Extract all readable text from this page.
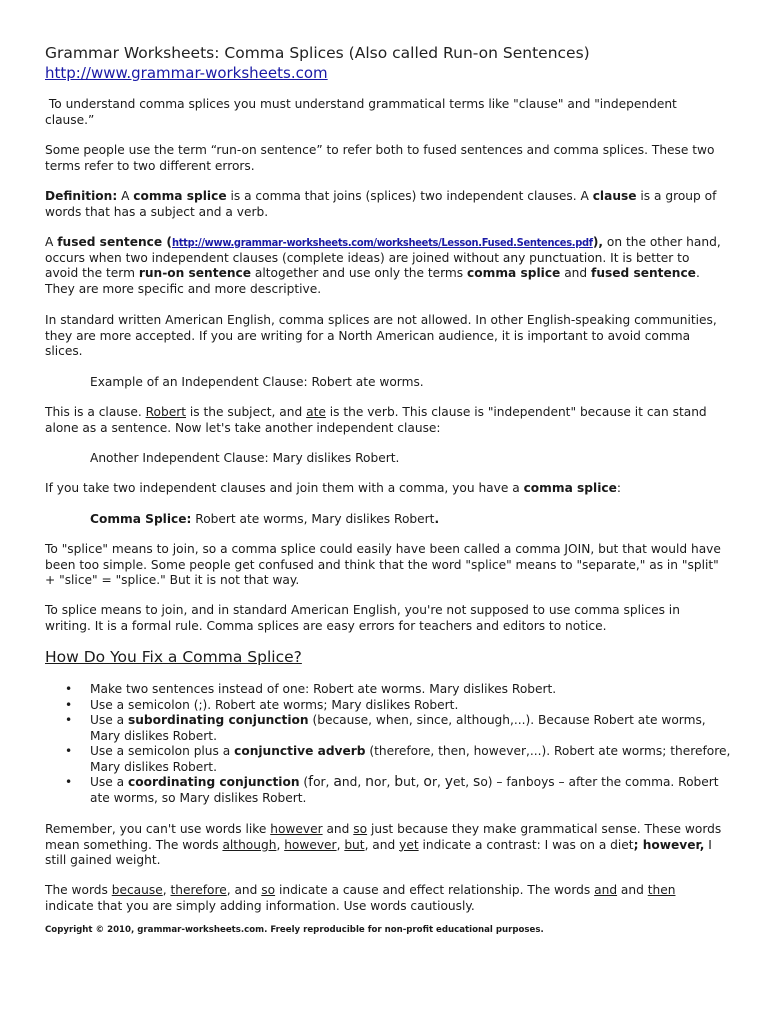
Grammar Worksheets: Comma Splices (Also called Run-on Sentences)
http://www.grammar-worksheets.com

To understand comma splices you must understand grammatical terms like "clause" and "independent clause.”

Some people use the term “run-on sentence” to refer both to fused sentences and comma splices. These two terms refer to two different errors.

Definition: A comma splice is a comma that joins (splices) two independent clauses. A clause is a group of words that has a subject and a verb.

A fused sentence (http://www.grammar-worksheets.com/worksheets/Lesson.Fused.Sentences.pdf), on the other hand, occurs when two independent clauses (complete ideas) are joined without any punctuation. It is better to avoid the term run-on sentence altogether and use only the terms comma splice and fused sentence. They are more specific and more descriptive.

In standard written American English, comma splices are not allowed. In other English-speaking communities, they are more accepted. If you are writing for a North American audience, it is important to avoid comma slices.

Example of an Independent Clause: Robert ate worms.

This is a clause. Robert is the subject, and ate is the verb. This clause is "independent" because it can stand alone as a sentence. Now let's take another independent clause:

Another Independent Clause: Mary dislikes Robert.

If you take two independent clauses and join them with a comma, you have a comma splice:

Comma Splice: Robert ate worms, Mary dislikes Robert.

To "splice" means to join, so a comma splice could easily have been called a comma JOIN, but that would have been too simple. Some people get confused and think that the word "splice" means to "separate," as in "split" + "slice" = "splice." But it is not that way.

To splice means to join, and in standard American English, you're not supposed to use comma splices in writing. It is a formal rule. Comma splices are easy errors for teachers and editors to notice.

How Do You Fix a Comma Splice?
• Make two sentences instead of one: Robert ate worms. Mary dislikes Robert.
• Use a semicolon (;). Robert ate worms; Mary dislikes Robert.
• Use a subordinating conjunction (because, when, since, although,...). Because Robert ate worms, Mary dislikes Robert.
• Use a semicolon plus a conjunctive adverb (therefore, then, however,...). Robert ate worms; therefore, Mary dislikes Robert.
• Use a coordinating conjunction (for, and, nor, but, or, yet, so) – fanboys – after the comma. Robert ate worms, so Mary dislikes Robert.

Remember, you can't use words like however and so just because they make grammatical sense. These words mean something. The words although, however, but, and yet indicate a contrast: I was on a diet; however, I still gained weight.

The words because, therefore, and so indicate a cause and effect relationship. The words and and then indicate that you are simply adding information. Use words cautiously.

Copyright © 2010, grammar-worksheets.com. Freely reproducible for non-profit educational purposes.
